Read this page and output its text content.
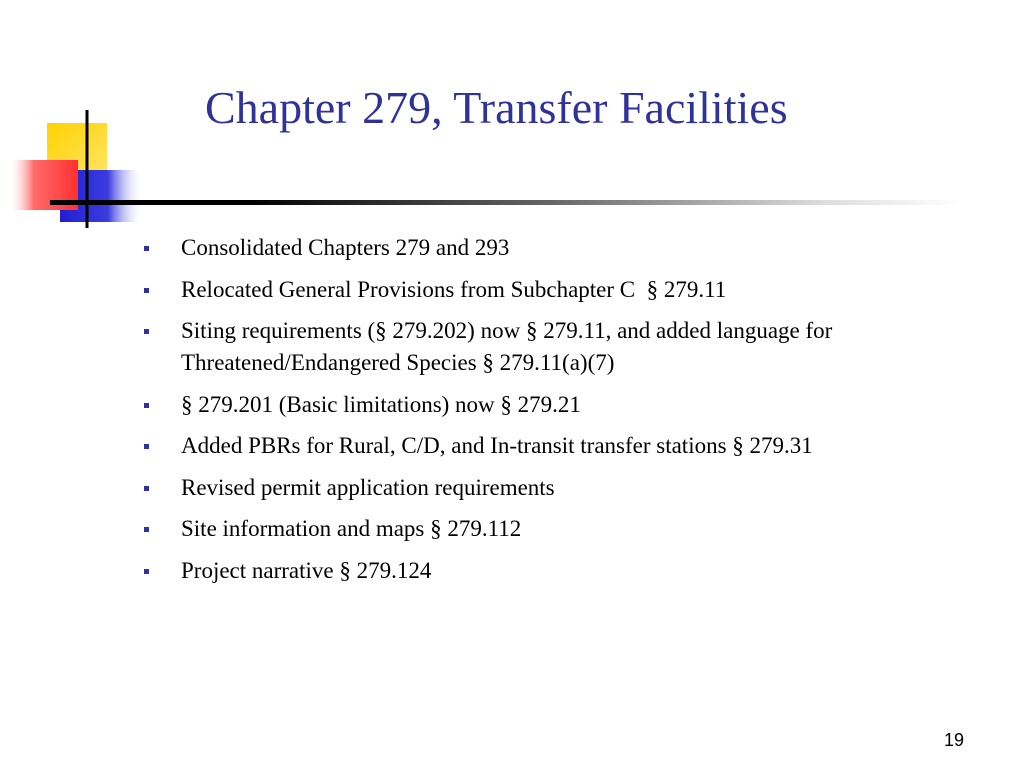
Chapter 279, Transfer Facilities
Consolidated Chapters 279 and 293
Relocated General Provisions from Subchapter C  § 279.11
Siting requirements (§ 279.202) now § 279.11, and added language for Threatened/Endangered Species § 279.11(a)(7)
§ 279.201 (Basic limitations) now § 279.21
Added PBRs for Rural, C/D, and In-transit transfer stations § 279.31
Revised permit application requirements
Site information and maps § 279.112
Project narrative § 279.124
19
